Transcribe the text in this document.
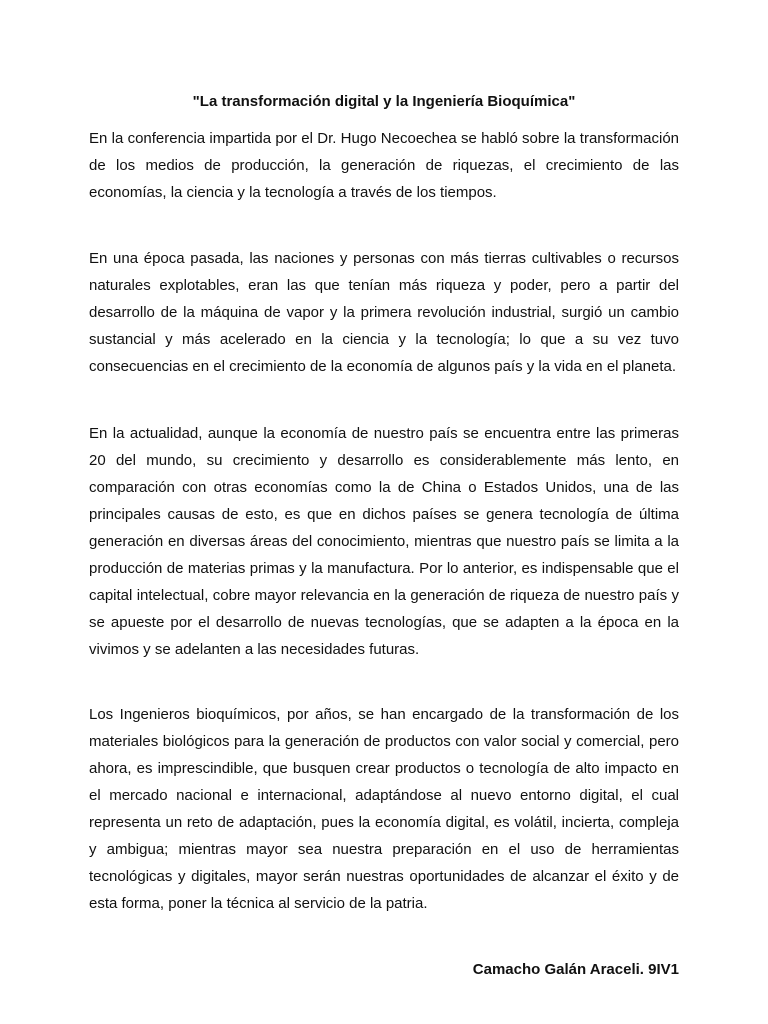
"La transformación digital y la Ingeniería Bioquímica"

En la conferencia impartida por el Dr. Hugo Necoechea se habló sobre la transformación de los medios de producción, la generación de riquezas, el crecimiento de las economías, la ciencia y la tecnología a través de los tiempos.

En una época pasada, las naciones y personas con más tierras cultivables o recursos naturales explotables, eran las que tenían más riqueza y poder, pero a partir del desarrollo de la máquina de vapor y la primera revolución industrial, surgió un cambio sustancial y más acelerado en la ciencia y la tecnología; lo que a su vez tuvo consecuencias en el crecimiento de la economía de algunos país y la vida en el planeta.

En la actualidad, aunque la economía de nuestro país se encuentra entre las primeras 20 del mundo, su crecimiento y desarrollo es considerablemente más lento, en comparación con otras economías como la de China o Estados Unidos, una de las principales causas de esto, es que en dichos países se genera tecnología de última generación en diversas áreas del conocimiento, mientras que nuestro país se limita a la producción de materias primas y la manufactura. Por lo anterior, es indispensable que el capital intelectual, cobre mayor relevancia en la generación de riqueza de nuestro país y se apueste por el desarrollo de nuevas tecnologías, que se adapten a la época en la vivimos y se adelanten a las necesidades futuras.

Los Ingenieros bioquímicos, por años, se han encargado de la transformación de los materiales biológicos para la generación de productos con valor social y comercial, pero ahora, es imprescindible, que busquen crear productos o tecnología de alto impacto en el mercado nacional e internacional, adaptándose al nuevo entorno digital, el cual representa un reto de adaptación, pues la economía digital, es volátil, incierta, compleja y ambigua; mientras mayor sea nuestra preparación en el uso de herramientas tecnológicas y digitales, mayor serán nuestras oportunidades de alcanzar el éxito y de esta forma, poner la técnica al servicio de la patria.

Camacho Galán Araceli. 9IV1
